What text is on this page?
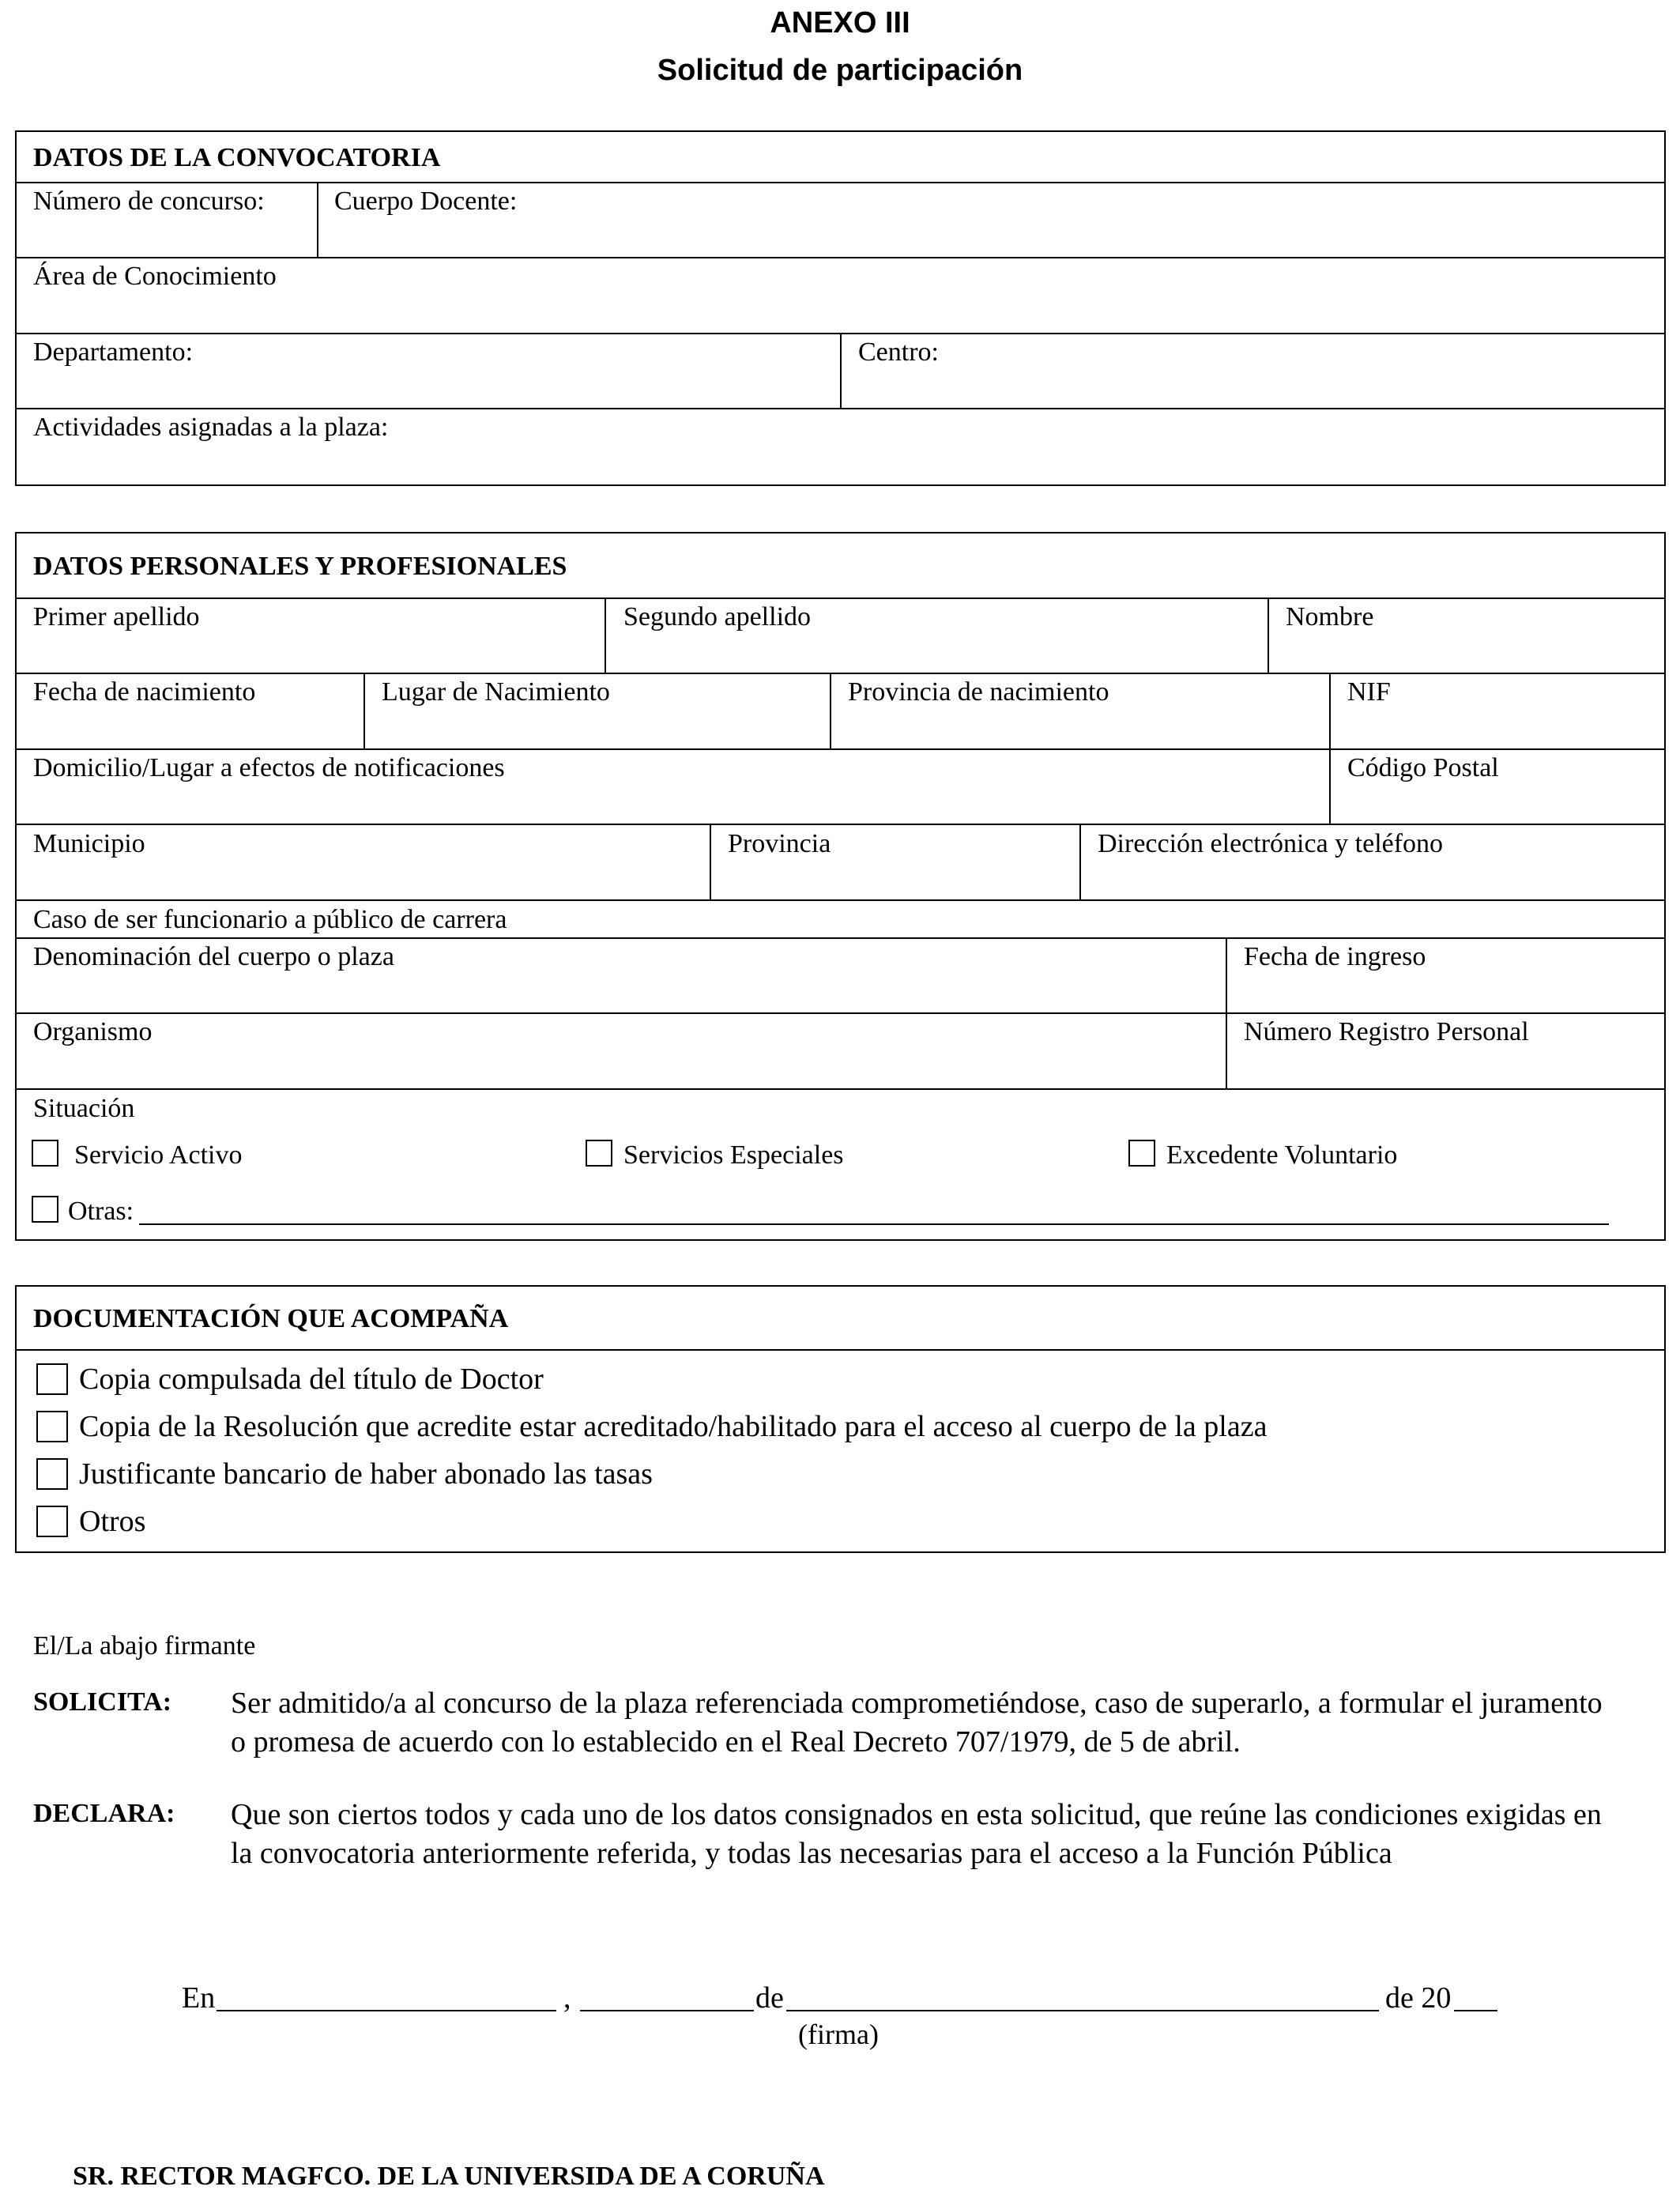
ANEXO III
Solicitud de participación
DATOS DE LA CONVOCATORIA
Número de concurso:	Cuerpo Docente:
Área de Conocimiento
Departamento:	Centro:
Actividades asignadas a la plaza:
DATOS PERSONALES Y PROFESIONALES
Primer apellido	Segundo apellido	Nombre
Fecha de nacimiento	Lugar de Nacimiento	Provincia de nacimiento	NIF
Domicilio/Lugar a efectos de notificaciones	Código Postal
Municipio	Provincia	Dirección electrónica y teléfono
Caso de ser funcionario a público de carrera
Denominación del cuerpo o plaza	Fecha de ingreso
Organismo	Número Registro Personal
Situación
Servicio Activo	Servicios Especiales	Excedente Voluntario
Otras:
DOCUMENTACIÓN QUE ACOMPAÑA
Copia compulsada del título de Doctor
Copia de la Resolución que acredite estar acreditado/habilitado para el acceso al cuerpo de la plaza
Justificante bancario de haber abonado las tasas
Otros
El/La abajo firmante
SOLICITA: Ser admitido/a al concurso de la plaza referenciada comprometiéndose, caso de superarlo, a formular el juramento o promesa de acuerdo con lo establecido en el Real Decreto 707/1979, de 5 de abril.
DECLARA: Que son ciertos todos y cada uno de los datos consignados en esta solicitud, que reúne las condiciones exigidas en la convocatoria anteriormente referida, y todas las necesarias para el acceso a la Función Pública
En	,	de	de 20
(firma)
SR. RECTOR MAGFCO. DE LA UNIVERSIDA DE A CORUÑA
